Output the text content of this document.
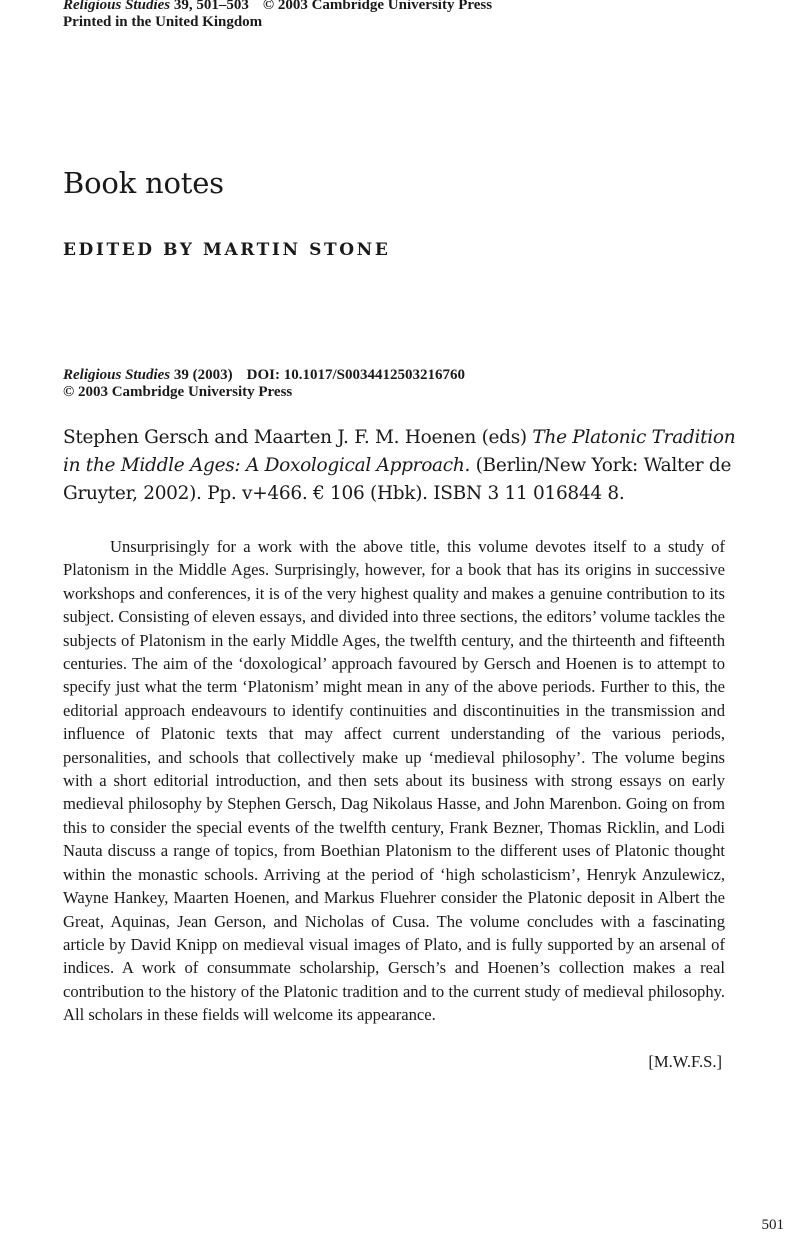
Religious Studies 39, 501–503 © 2003 Cambridge University Press
Printed in the United Kingdom
Book notes
EDITED BY MARTIN STONE
Religious Studies 39 (2003) DOI: 10.1017/S0034412503216760
© 2003 Cambridge University Press
Stephen Gersch and Maarten J. F. M. Hoenen (eds) The Platonic Tradition in the Middle Ages: A Doxological Approach. (Berlin/New York: Walter de Gruyter, 2002). Pp. v+466. € 106 (Hbk). ISBN 3 11 016844 8.

Unsurprisingly for a work with the above title, this volume devotes itself to a study of Platonism in the Middle Ages. Surprisingly, however, for a book that has its origins in successive workshops and conferences, it is of the very highest quality and makes a genuine contribution to its subject. Consisting of eleven essays, and divided into three sections, the editors’ volume tackles the subjects of Platonism in the early Middle Ages, the twelfth century, and the thirteenth and fifteenth centuries. The aim of the ‘doxological’ approach favoured by Gersch and Hoenen is to attempt to specify just what the term ‘Platonism’ might mean in any of the above periods. Further to this, the editorial approach endeavours to identify continuities and discontinuities in the transmission and influence of Platonic texts that may affect current understanding of the various periods, personalities, and schools that collectively make up ‘medieval philosophy’. The volume begins with a short editorial introduction, and then sets about its business with strong essays on early medieval philosophy by Stephen Gersch, Dag Nikolaus Hasse, and John Marenbon. Going on from this to consider the special events of the twelfth century, Frank Bezner, Thomas Ricklin, and Lodi Nauta discuss a range of topics, from Boethian Platonism to the different uses of Platonic thought within the monastic schools. Arriving at the period of ‘high scholasticism’, Henryk Anzulewicz, Wayne Hankey, Maarten Hoenen, and Markus Fluehrer consider the Platonic deposit in Albert the Great, Aquinas, Jean Gerson, and Nicholas of Cusa. The volume concludes with a fascinating article by David Knipp on medieval visual images of Plato, and is fully supported by an arsenal of indices. A work of consummate scholarship, Gersch’s and Hoenen’s collection makes a real contribution to the history of the Platonic tradition and to the current study of medieval philosophy. All scholars in these fields will welcome its appearance.

[M.W.F.S.]
501
